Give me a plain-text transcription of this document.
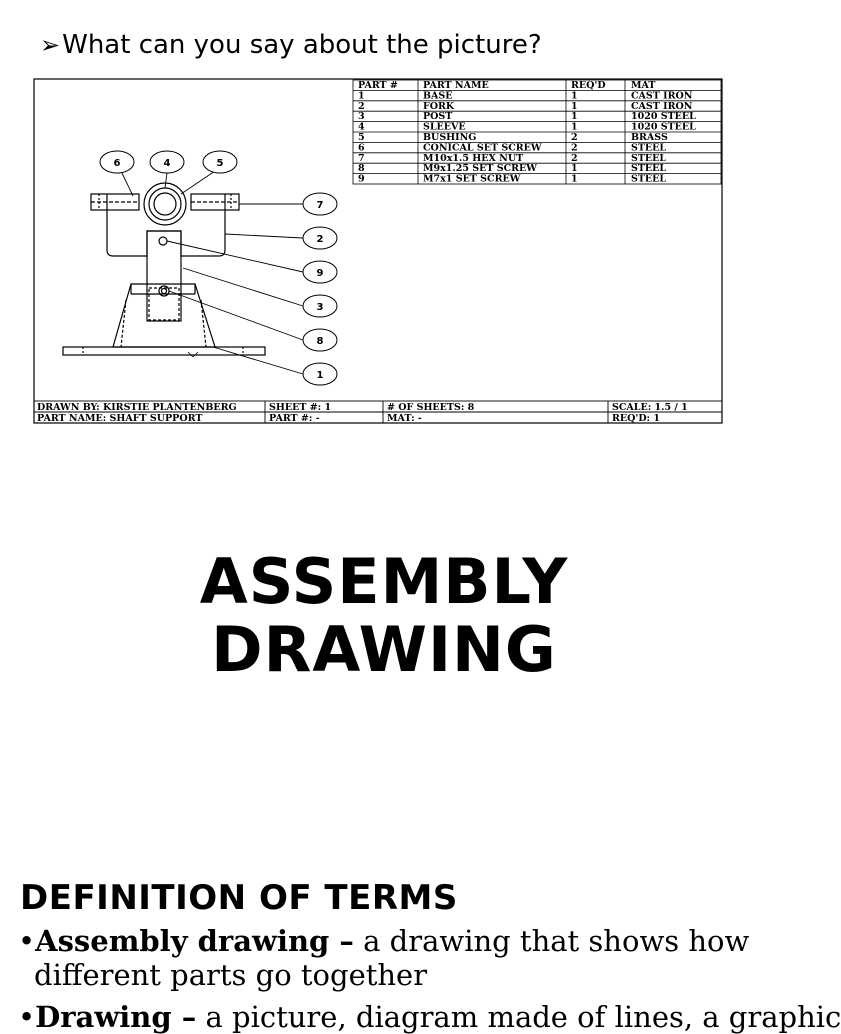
➢What can you say about the picture?
PART #	PART NAME	REQ'D	MAT
1	BASE	1	CAST IRON
2	FORK	1	CAST IRON
3	POST	1	1020 STEEL
4	SLEEVE	1	1020 STEEL
5	BUSHING	2	BRASS
6	CONICAL SET SCREW	2	STEEL
7	M10x1.5 HEX NUT	2	STEEL
8	M9x1.25 SET SCREW	1	STEEL
9	M7x1 SET SCREW	1	STEEL
6	4	5
7
2
9
3
8
1
DRAWN BY: KIRSTIE PLANTENBERG	SHEET #: 1	# OF SHEETS: 8	SCALE: 1.5 / 1
PART NAME: SHAFT SUPPORT	PART #: -	MAT: -	REQ'D: 1
ASSEMBLY
DRAWING
DEFINITION OF TERMS
•Assembly drawing – a drawing that shows how
different parts go together
•Drawing – a picture, diagram made of lines, a graphic
